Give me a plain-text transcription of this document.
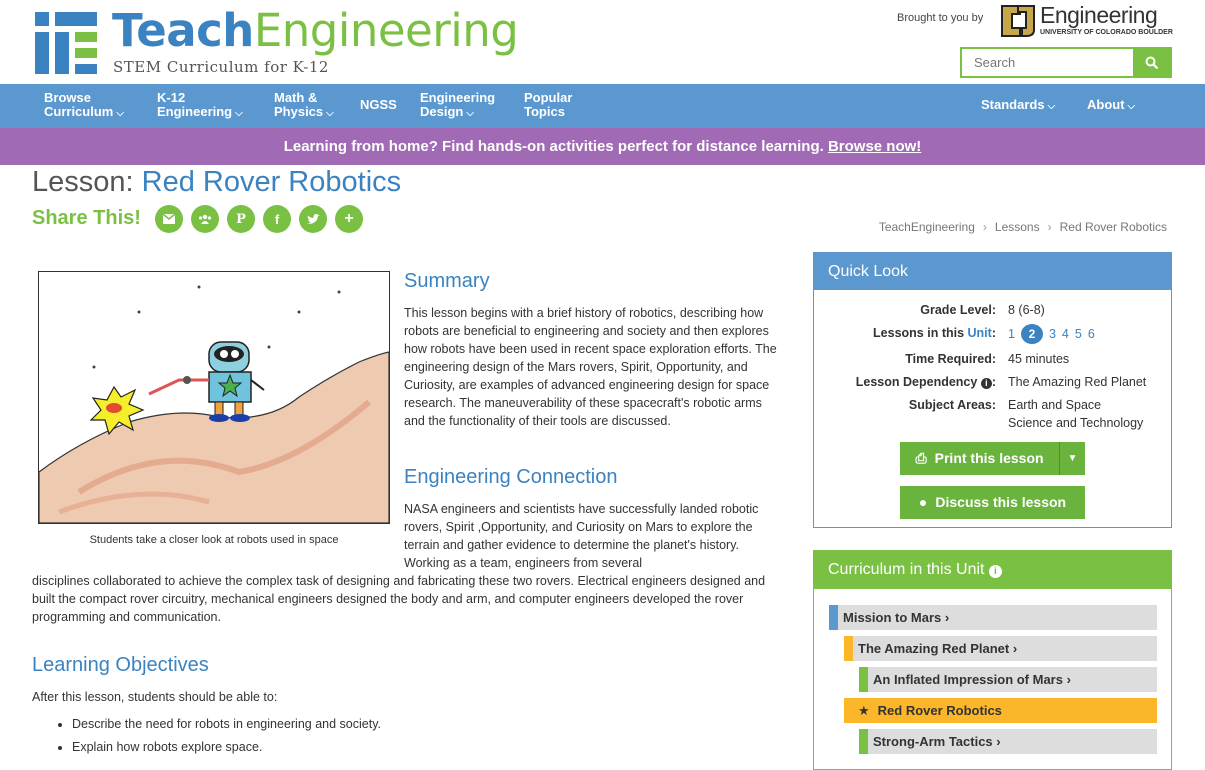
TeachEngineering
STEM Curriculum for K-12
Brought to you by Engineering
UNIVERSITY OF COLORADO BOULDER
Search
Browse
Curriculum ⌵
K-12
Engineering ⌵
Math &
Physics ⌵
NGSS Engineering
Design ⌵
Popular
Topics	Standards ⌵ About ⌵
Learning from home? Find hands-on activities perfect for distance learning. Browse now!
Lesson: Red Rover Robotics
Share This!	P f	+	TeachEngineering › Lessons › Red Rover Robotics
Students take a closer look at robots used in space
Summary
This lesson begins with a brief history of robotics, describing how robots are beneficial to engineering and society and then explores how robots have been used in recent space exploration efforts. The engineering design of the Mars rovers, Spirit, Opportunity, and Curiosity, are examples of advanced engineering design for space research. The maneuverability of these spacecraft's robotic arms and the functionality of their tools are discussed.
Engineering Connection
NASA engineers and scientists have successfully landed robotic rovers, Spirit ,Opportunity, and Curiosity on Mars to explore the terrain and gather evidence to determine the planet's history. Working as a team, engineers from several
disciplines collaborated to achieve the complex task of designing and fabricating these two rovers. Electrical engineers designed and built the compact rover circuitry, mechanical engineers designed the body and arm, and computer engineers developed the rover programming and communication.
Learning Objectives
After this lesson, students should be able to:
• Describe the need for robots in engineering and society.
• Explain how robots explore space.
Quick Look
Grade Level: 8 (6-8)
Lessons in this Unit: 1 2 3 4 5 6
Time Required: 45 minutes
Lesson Dependency i : The Amazing Red Planet
Subject Areas: Earth and Space
Science and Technology
⎙ Print this lesson	▼
● Discuss this lesson
Curriculum in this Unit i
Mission to Mars ›
The Amazing Red Planet ›
An Inflated Impression of Mars ›
★ Red Rover Robotics
Strong-Arm Tactics ›
